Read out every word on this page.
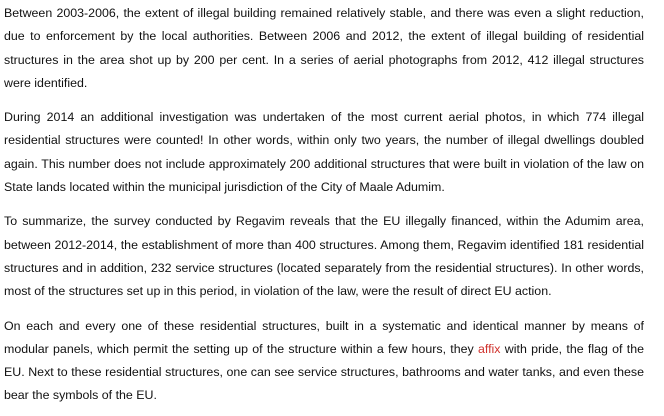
Between 2003-2006, the extent of illegal building remained relatively stable, and there was even a slight reduction, due to enforcement by the local authorities. Between 2006 and 2012, the extent of illegal building of residential structures in the area shot up by 200 per cent. In a series of aerial photographs from 2012, 412 illegal structures were identified.

During 2014 an additional investigation was undertaken of the most current aerial photos, in which 774 illegal residential structures were counted! In other words, within only two years, the number of illegal dwellings doubled again. This number does not include approximately 200 additional structures that were built in violation of the law on State lands located within the municipal jurisdiction of the City of Maale Adumim.

To summarize, the survey conducted by Regavim reveals that the EU illegally financed, within the Adumim area, between 2012-2014, the establishment of more than 400 structures. Among them, Regavim identified 181 residential structures and in addition, 232 service structures (located separately from the residential structures). In other words, most of the structures set up in this period, in violation of the law, were the result of direct EU action.

On each and every one of these residential structures, built in a systematic and identical manner by means of modular panels, which permit the setting up of the structure within a few hours, they affix with pride, the flag of the EU. Next to these residential structures, one can see service structures, bathrooms and water tanks, and even these bear the symbols of the EU.
